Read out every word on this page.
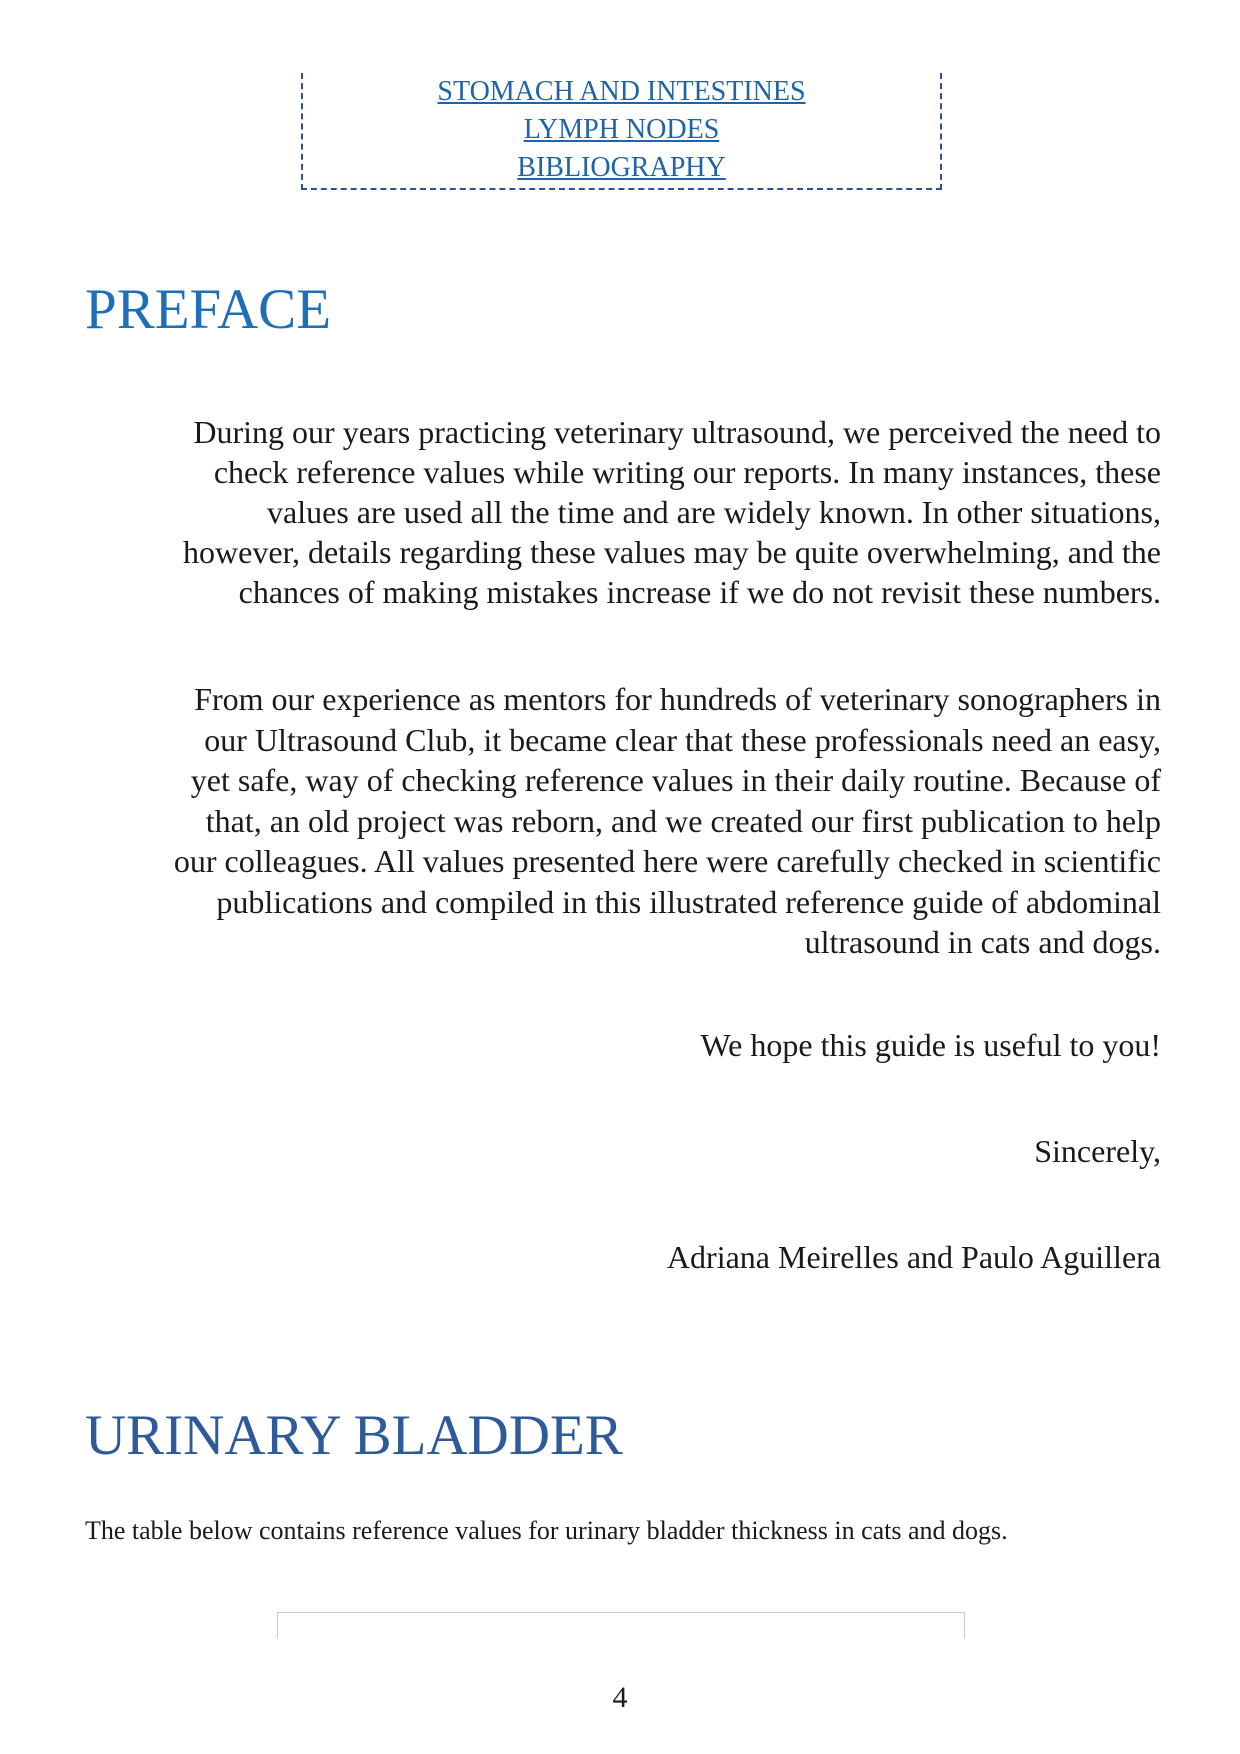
STOMACH AND INTESTINES
LYMPH NODES
BIBLIOGRAPHY
PREFACE

During our years practicing veterinary ultrasound, we perceived the need to
check reference values while writing our reports. In many instances, these
values are used all the time and are widely known. In other situations,
however, details regarding these values may be quite overwhelming, and the
chances of making mistakes increase if we do not revisit these numbers.

From our experience as mentors for hundreds of veterinary sonographers in
our Ultrasound Club, it became clear that these professionals need an easy,
yet safe, way of checking reference values in their daily routine. Because of
that, an old project was reborn, and we created our first publication to help
our colleagues. All values presented here were carefully checked in scientific
publications and compiled in this illustrated reference guide of abdominal
ultrasound in cats and dogs.

We hope this guide is useful to you!

Sincerely,

Adriana Meirelles and Paulo Aguillera

URINARY BLADDER

The table below contains reference values for urinary bladder thickness in cats and dogs.

4
